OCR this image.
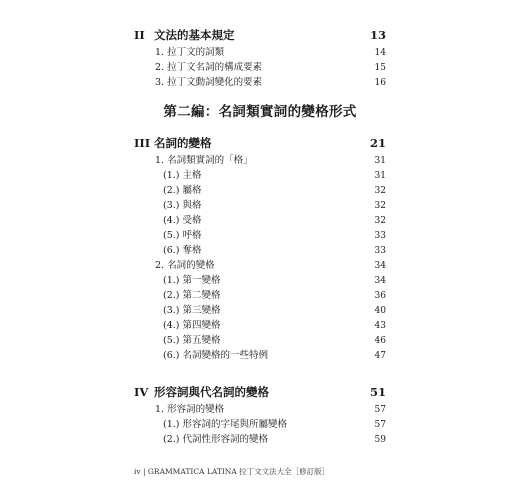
II 文法的基本規定	13
1. 拉丁文的詞類	14
2. 拉丁文名詞的構成要素	15
3. 拉丁文動詞變化的要素	16
第二編：名詞類實詞的變格形式
III 名詞的變格	21
1. 名詞類實詞的「格」	31
(1.) 主格	31
(2.) 屬格	32
(3.) 與格	32
(4.) 受格	32
(5.) 呼格	33
(6.) 奪格	33
2. 名詞的變格	34
(1.) 第一變格	34
(2.) 第二變格	36
(3.) 第三變格	40
(4.) 第四變格	43
(5.) 第五變格	46
(6.) 名詞變格的一些特例	47
IV 形容詞與代名詞的變格	51
1. 形容詞的變格	57
(1.) 形容詞的字尾與所屬變格	57
(2.) 代詞性形容詞的變格	59
iv | GRAMMATICA LATINA 拉丁文文法大全［修訂版］
